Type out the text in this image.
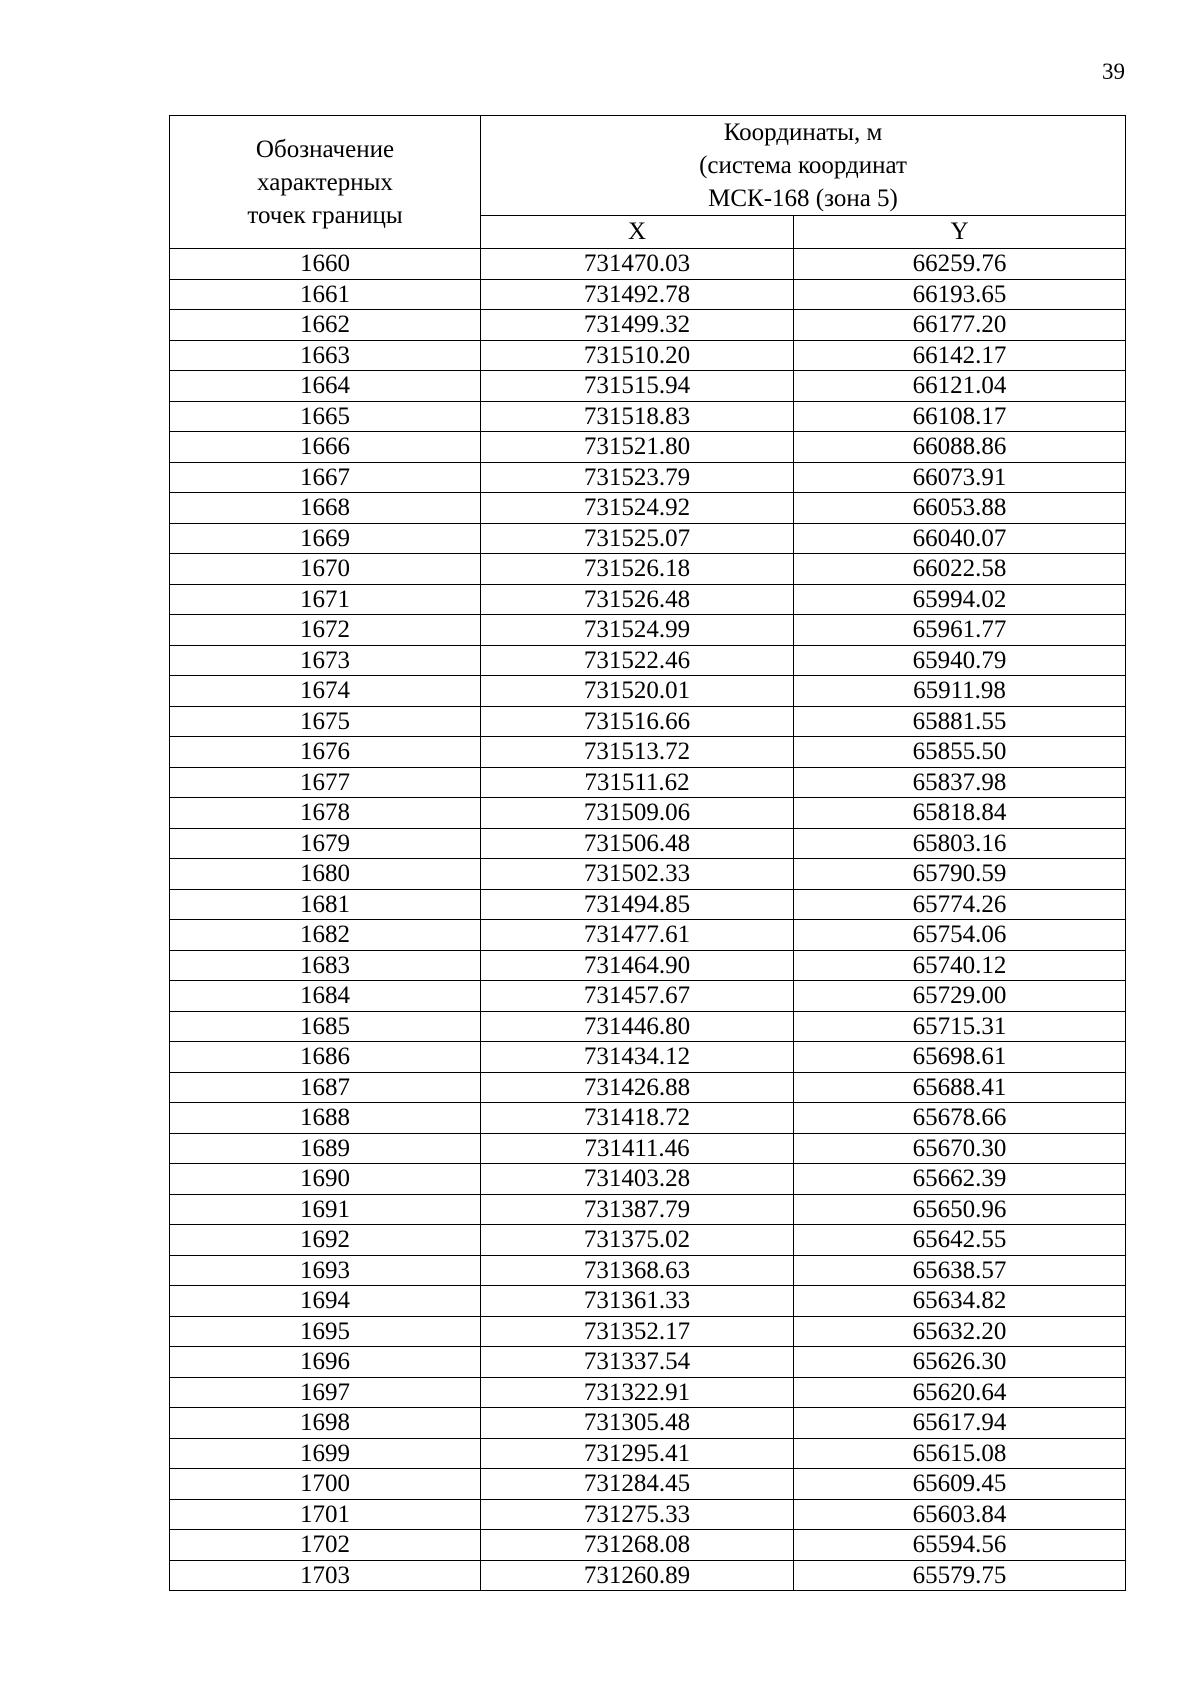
39
Обозначение
характерных
точек границы	Координаты, м
(система координат
МСК-168 (зона 5)	

	X	Y
1660	731470.03	66259.76
1661	731492.78	66193.65
1662	731499.32	66177.20
1663	731510.20	66142.17
1664	731515.94	66121.04
1665	731518.83	66108.17
1666	731521.80	66088.86
1667	731523.79	66073.91
1668	731524.92	66053.88
1669	731525.07	66040.07
1670	731526.18	66022.58
1671	731526.48	65994.02
1672	731524.99	65961.77
1673	731522.46	65940.79
1674	731520.01	65911.98
1675	731516.66	65881.55
1676	731513.72	65855.50
1677	731511.62	65837.98
1678	731509.06	65818.84
1679	731506.48	65803.16
1680	731502.33	65790.59
1681	731494.85	65774.26
1682	731477.61	65754.06
1683	731464.90	65740.12
1684	731457.67	65729.00
1685	731446.80	65715.31
1686	731434.12	65698.61
1687	731426.88	65688.41
1688	731418.72	65678.66
1689	731411.46	65670.30
1690	731403.28	65662.39
1691	731387.79	65650.96
1692	731375.02	65642.55
1693	731368.63	65638.57
1694	731361.33	65634.82
1695	731352.17	65632.20
1696	731337.54	65626.30
1697	731322.91	65620.64
1698	731305.48	65617.94
1699	731295.41	65615.08
1700	731284.45	65609.45
1701	731275.33	65603.84
1702	731268.08	65594.56
1703	731260.89	65579.75
